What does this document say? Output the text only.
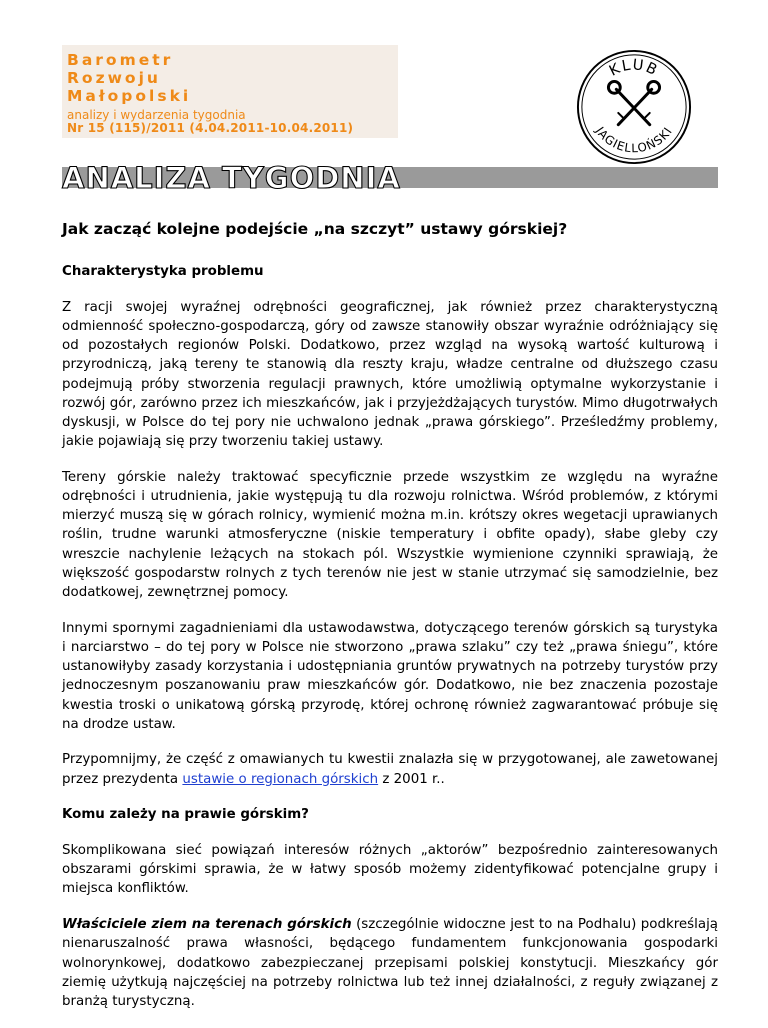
Barometr
Rozwoju
Małopolski
analizy i wydarzenia tygodnia
Nr 15 (115)/2011 (4.04.2011-10.04.2011)
KLUB
JAGIELLOŃSKI
ANALIZA TYGODNIA
Jak zacząć kolejne podejście „na szczyt” ustawy górskiej?
Charakterystyka problemu

Z racji swojej wyraźnej odrębności geograficznej, jak również przez charakterystyczną odmienność społeczno-gospodarczą, góry od zawsze stanowiły obszar wyraźnie odróżniający się od pozostałych regionów Polski. Dodatkowo, przez wzgląd na wysoką wartość kulturową i przyrodniczą, jaką tereny te stanowią dla reszty kraju, władze centralne od dłuższego czasu podejmują próby stworzenia regulacji prawnych, które umożliwią optymalne wykorzystanie i rozwój gór, zarówno przez ich mieszkańców, jak i przyjeżdżających turystów. Mimo długotrwałych dyskusji, w Polsce do tej pory nie uchwalono jednak „prawa górskiego”. Prześledźmy problemy, jakie pojawiają się przy tworzeniu takiej ustawy.

Tereny górskie należy traktować specyficznie przede wszystkim ze względu na wyraźne odrębności i utrudnienia, jakie występują tu dla rozwoju rolnictwa. Wśród problemów, z którymi mierzyć muszą się w górach rolnicy, wymienić można m.in. krótszy okres wegetacji uprawianych roślin, trudne warunki atmosferyczne (niskie temperatury i obfite opady), słabe gleby czy wreszcie nachylenie leżących na stokach pól. Wszystkie wymienione czynniki sprawiają, że większość gospodarstw rolnych z tych terenów nie jest w stanie utrzymać się samodzielnie, bez dodatkowej, zewnętrznej pomocy.

Innymi spornymi zagadnieniami dla ustawodawstwa, dotyczącego terenów górskich są turystyka i narciarstwo – do tej pory w Polsce nie stworzono „prawa szlaku” czy też „prawa śniegu”, które ustanowiłyby zasady korzystania i udostępniania gruntów prywatnych na potrzeby turystów przy jednoczesnym poszanowaniu praw mieszkańców gór. Dodatkowo, nie bez znaczenia pozostaje kwestia troski o unikatową górską przyrodę, której ochronę również zagwarantować próbuje się na drodze ustaw.

Przypomnijmy, że część z omawianych tu kwestii znalazła się w przygotowanej, ale zawetowanej przez prezydenta ustawie o regionach górskich z 2001 r..

Komu zależy na prawie górskim?

Skomplikowana sieć powiązań interesów różnych „aktorów” bezpośrednio zainteresowanych obszarami górskimi sprawia, że w łatwy sposób możemy zidentyfikować potencjalne grupy i miejsca konfliktów.

Właściciele ziem na terenach górskich (szczególnie widoczne jest to na Podhalu) podkreślają nienaruszalność prawa własności, będącego fundamentem funkcjonowania gospodarki wolnorynkowej, dodatkowo zabezpieczanej przepisami polskiej konstytucji. Mieszkańcy gór ziemię użytkują najczęściej na potrzeby rolnictwa lub też innej działalności, z reguły związanej z branżą turystyczną.
